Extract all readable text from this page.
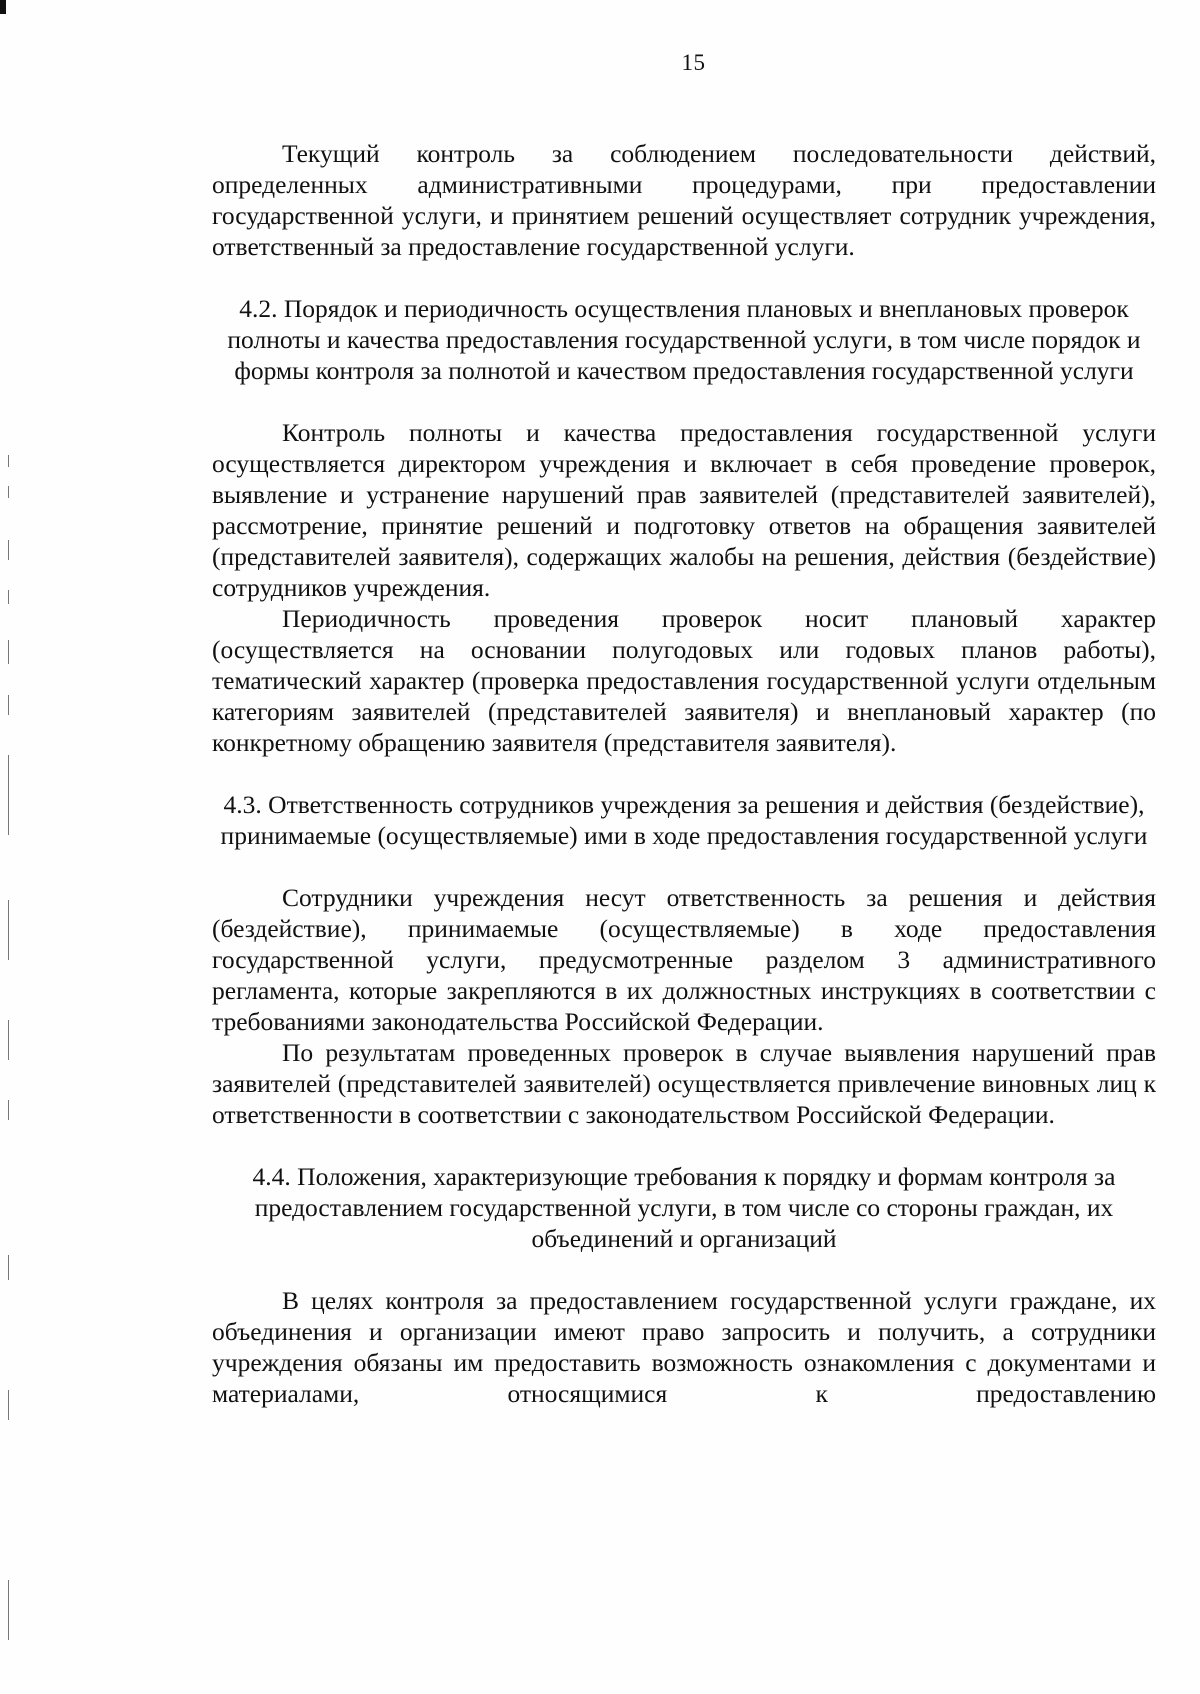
15

Текущий контроль за соблюдением последовательности действий, определенных административными процедурами, при предоставлении государственной услуги, и принятием решений осуществляет сотрудник учреждения, ответственный за предоставление государственной услуги.

4.2. Порядок и периодичность осуществления плановых и внеплановых проверок полноты и качества предоставления государственной услуги, в том числе порядок и формы контроля за полнотой и качеством предоставления государственной услуги

Контроль полноты и качества предоставления государственной услуги осуществляется директором учреждения и включает в себя проведение проверок, выявление и устранение нарушений прав заявителей (представителей заявителей), рассмотрение, принятие решений и подготовку ответов на обращения заявителей (представителей заявителя), содержащих жалобы на решения, действия (бездействие) сотрудников учреждения.

Периодичность проведения проверок носит плановый характер (осуществляется на основании полугодовых или годовых планов работы), тематический характер (проверка предоставления государственной услуги отдельным категориям заявителей (представителей заявителя) и внеплановый характер (по конкретному обращению заявителя (представителя заявителя).

4.3. Ответственность сотрудников учреждения за решения и действия (бездействие), принимаемые (осуществляемые) ими в ходе предоставления государственной услуги

Сотрудники учреждения несут ответственность за решения и действия (бездействие), принимаемые (осуществляемые) в ходе предоставления государственной услуги, предусмотренные разделом 3 административного регламента, которые закрепляются в их должностных инструкциях в соответствии с требованиями законодательства Российской Федерации.

По результатам проведенных проверок в случае выявления нарушений прав заявителей (представителей заявителей) осуществляется привлечение виновных лиц к ответственности в соответствии с законодательством Российской Федерации.

4.4. Положения, характеризующие требования к порядку и формам контроля за предоставлением государственной услуги, в том числе со стороны граждан, их объединений и организаций

В целях контроля за предоставлением государственной услуги граждане, их объединения и организации имеют право запросить и получить, а сотрудники учреждения обязаны им предоставить возможность ознакомления с документами и материалами, относящимися к предоставлению
